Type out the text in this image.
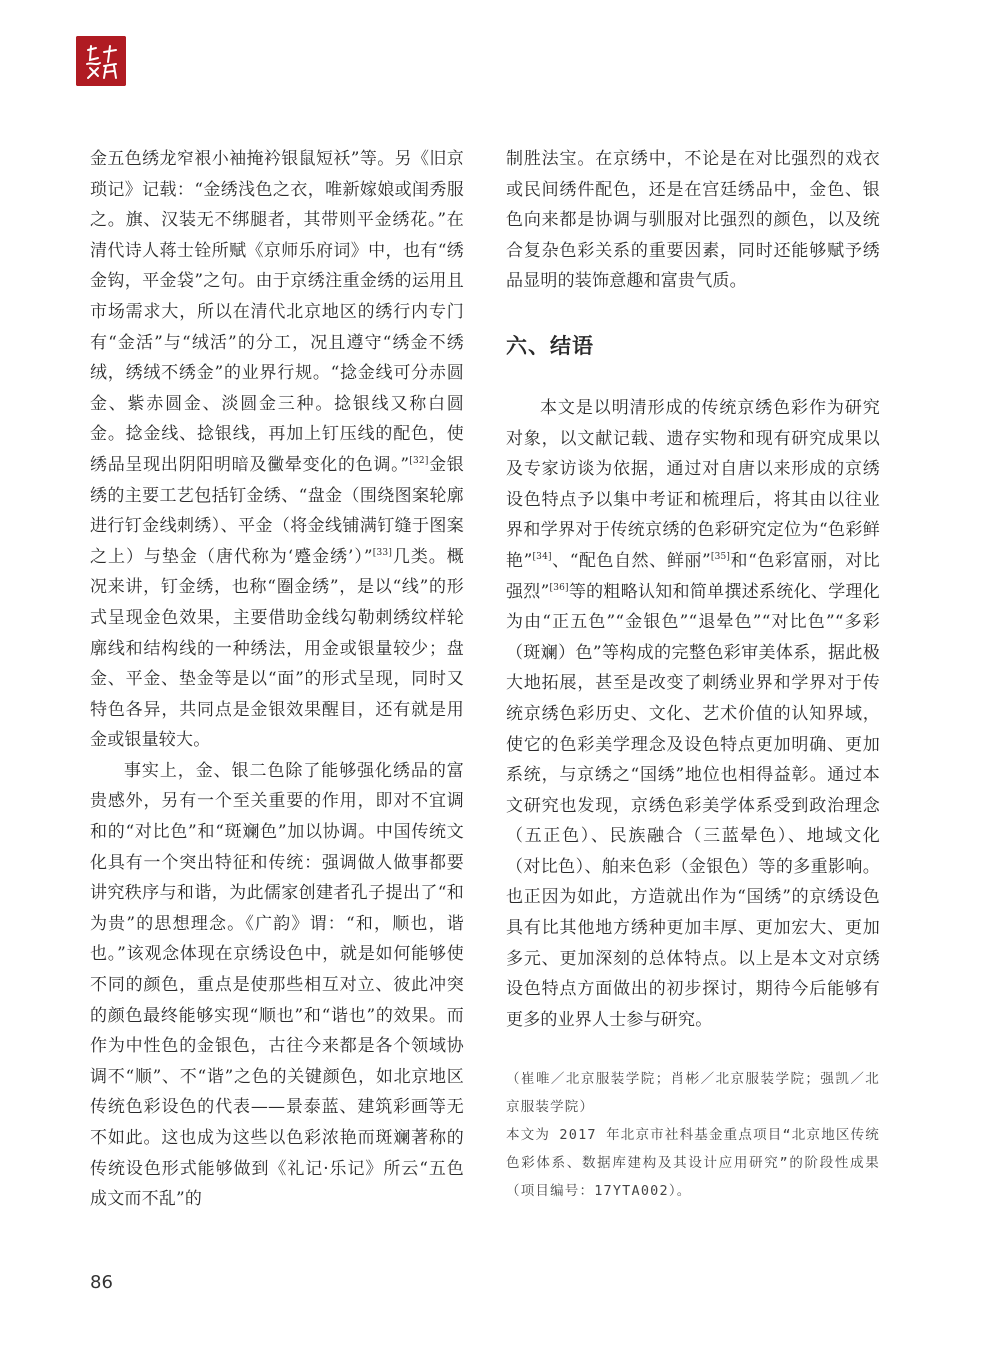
金五色绣龙窄裉小袖掩衿银鼠短袄”等。另《旧京琐记》记载：“金绣浅色之衣，唯新嫁娘或闺秀服之。旗、汉装无不绑腿者，其带则平金绣花。”在清代诗人蒋士铨所赋《京师乐府词》中，也有“绣金钩，平金袋”之句。由于京绣注重金绣的运用且市场需求大，所以在清代北京地区的绣行内专门有“金活”与“绒活”的分工，况且遵守“绣金不绣绒，绣绒不绣金”的业界行规。“捻金线可分赤圆金、紫赤圆金、淡圆金三种。捻银线又称白圆金。捻金线、捻银线，再加上钉压线的配色，使绣品呈现出阴阳明暗及黴晕变化的色调。”[32]金银绣的主要工艺包括钉金绣、“盘金（围绕图案轮廓进行钉金线刺绣）、平金（将金线铺满钉缝于图案之上）与垫金（唐代称为‘蹙金绣’）”[33]几类。概况来讲，钉金绣，也称“圈金绣”，是以“线”的形式呈现金色效果，主要借助金线勾勒刺绣纹样轮廓线和结构线的一种绣法，用金或银量较少；盘金、平金、垫金等是以“面”的形式呈现，同时又特色各异，共同点是金银效果醒目，还有就是用金或银量较大。

事实上，金、银二色除了能够强化绣品的富贵感外，另有一个至关重要的作用，即对不宜调和的“对比色”和“斑斓色”加以协调。中国传统文化具有一个突出特征和传统：强调做人做事都要讲究秩序与和谐，为此儒家创建者孔子提出了“和为贵”的思想理念。《广韵》谓：“和，顺也，谐也。”该观念体现在京绣设色中，就是如何能够使不同的颜色，重点是使那些相互对立、彼此冲突的颜色最终能够实现“顺也”和“谐也”的效果。而作为中性色的金银色，古往今来都是各个领域协调不“顺”、不“谐”之色的关键颜色，如北京地区传统色彩设色的代表——景泰蓝、建筑彩画等无不如此。这也成为这些以色彩浓艳而斑斓著称的传统设色形式能够做到《礼记·乐记》所云“五色成文而不乱”的

制胜法宝。在京绣中，不论是在对比强烈的戏衣或民间绣件配色，还是在宫廷绣品中，金色、银色向来都是协调与驯服对比强烈的颜色，以及统合复杂色彩关系的重要因素，同时还能够赋予绣品显明的装饰意趣和富贵气质。

六、结语

本文是以明清形成的传统京绣色彩作为研究对象，以文献记载、遗存实物和现有研究成果以及专家访谈为依据，通过对自唐以来形成的京绣设色特点予以集中考证和梳理后，将其由以往业界和学界对于传统京绣的色彩研究定位为“色彩鲜艳”[34]、“配色自然、鲜丽”[35]和“色彩富丽，对比强烈”[36]等的粗略认知和简单撰述系统化、学理化为由“正五色”“金银色”“退晕色”“对比色”“多彩（斑斓）色”等构成的完整色彩审美体系，据此极大地拓展，甚至是改变了刺绣业界和学界对于传统京绣色彩历史、文化、艺术价值的认知界域，使它的色彩美学理念及设色特点更加明确、更加系统，与京绣之“国绣”地位也相得益彰。通过本文研究也发现，京绣色彩美学体系受到政治理念（五正色）、民族融合（三蓝晕色）、地域文化（对比色）、舶来色彩（金银色）等的多重影响。也正因为如此，方造就出作为“国绣”的京绣设色具有比其他地方绣种更加丰厚、更加宏大、更加多元、更加深刻的总体特点。以上是本文对京绣设色特点方面做出的初步探讨，期待今后能够有更多的业界人士参与研究。

（崔唯／北京服装学院；肖彬／北京服装学院；强凯／北京服装学院）

本文为 2017 年北京市社科基金重点项目“北京地区传统色彩体系、数据库建构及其设计应用研究”的阶段性成果（项目编号：17YTA002）。

86
